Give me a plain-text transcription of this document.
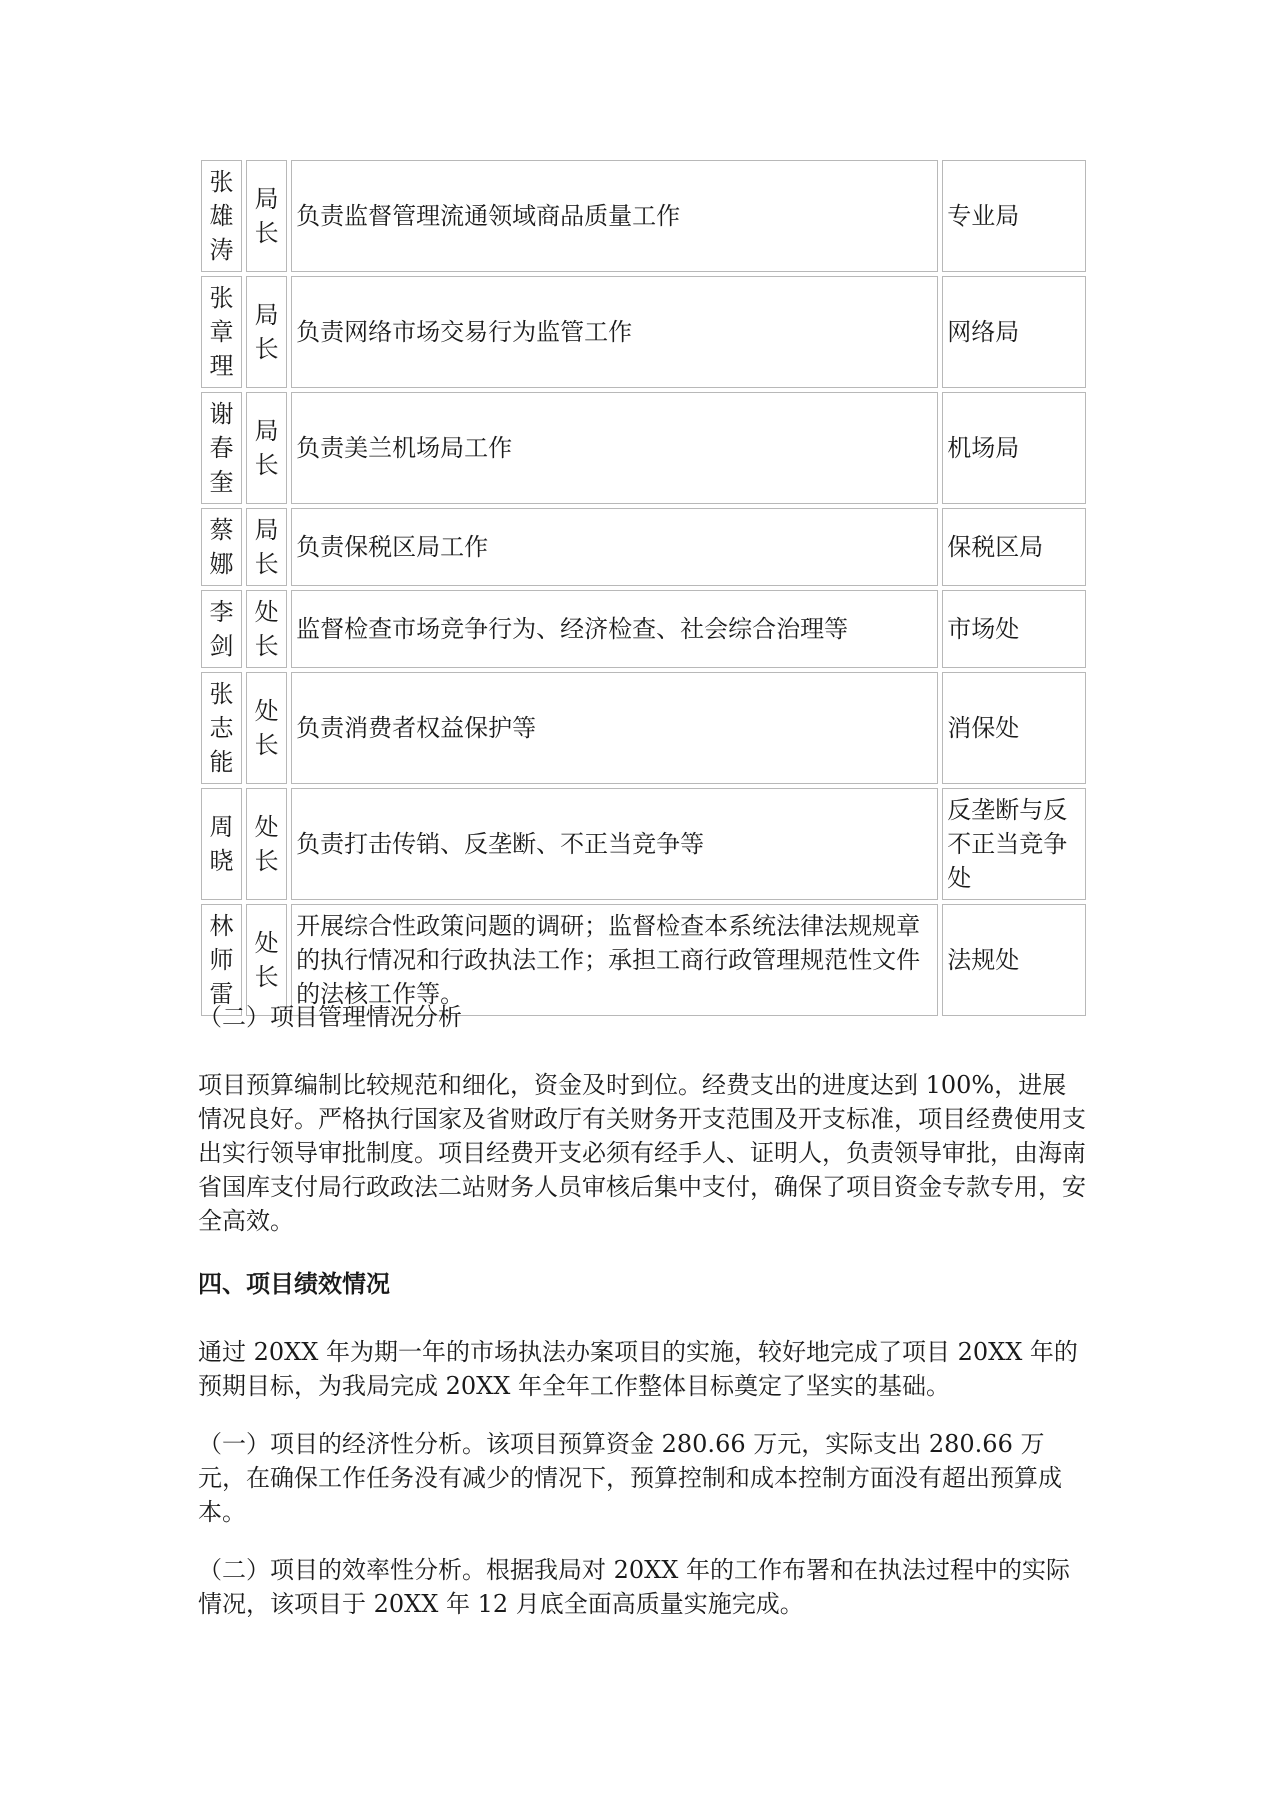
张雄涛	局长	负责监督管理流通领域商品质量工作	专业局
张章理	局长	负责网络市场交易行为监管工作	网络局
谢春奎	局长	负责美兰机场局工作	机场局
蔡娜	局长	负责保税区局工作	保税区局
李剑	处长	监督检查市场竞争行为、经济检查、社会综合治理等	市场处
张志能	处长	负责消费者权益保护等	消保处
周晓	处长	负责打击传销、反垄断、不正当竞争等	反垄断与反不正当竞争处
林师雷	处长	开展综合性政策问题的调研；监督检查本系统法律法规规章的执行情况和行政执法工作；承担工商行政管理规范性文件的法核工作等。	法规处
（二）项目管理情况分析
项目预算编制比较规范和细化，资金及时到位。经费支出的进度达到 100%，进展情况良好。严格执行国家及省财政厅有关财务开支范围及开支标准，项目经费使用支出实行领导审批制度。项目经费开支必须有经手人、证明人，负责领导审批，由海南省国库支付局行政政法二站财务人员审核后集中支付，确保了项目资金专款专用，安全高效。
四、项目绩效情况
通过 20XX 年为期一年的市场执法办案项目的实施，较好地完成了项目 20XX 年的预期目标，为我局完成 20XX 年全年工作整体目标奠定了坚实的基础。
（一）项目的经济性分析。该项目预算资金 280.66 万元，实际支出 280.66 万元，在确保工作任务没有减少的情况下，预算控制和成本控制方面没有超出预算成本。
（二）项目的效率性分析。根据我局对 20XX 年的工作布署和在执法过程中的实际情况，该项目于 20XX 年 12 月底全面高质量实施完成。
